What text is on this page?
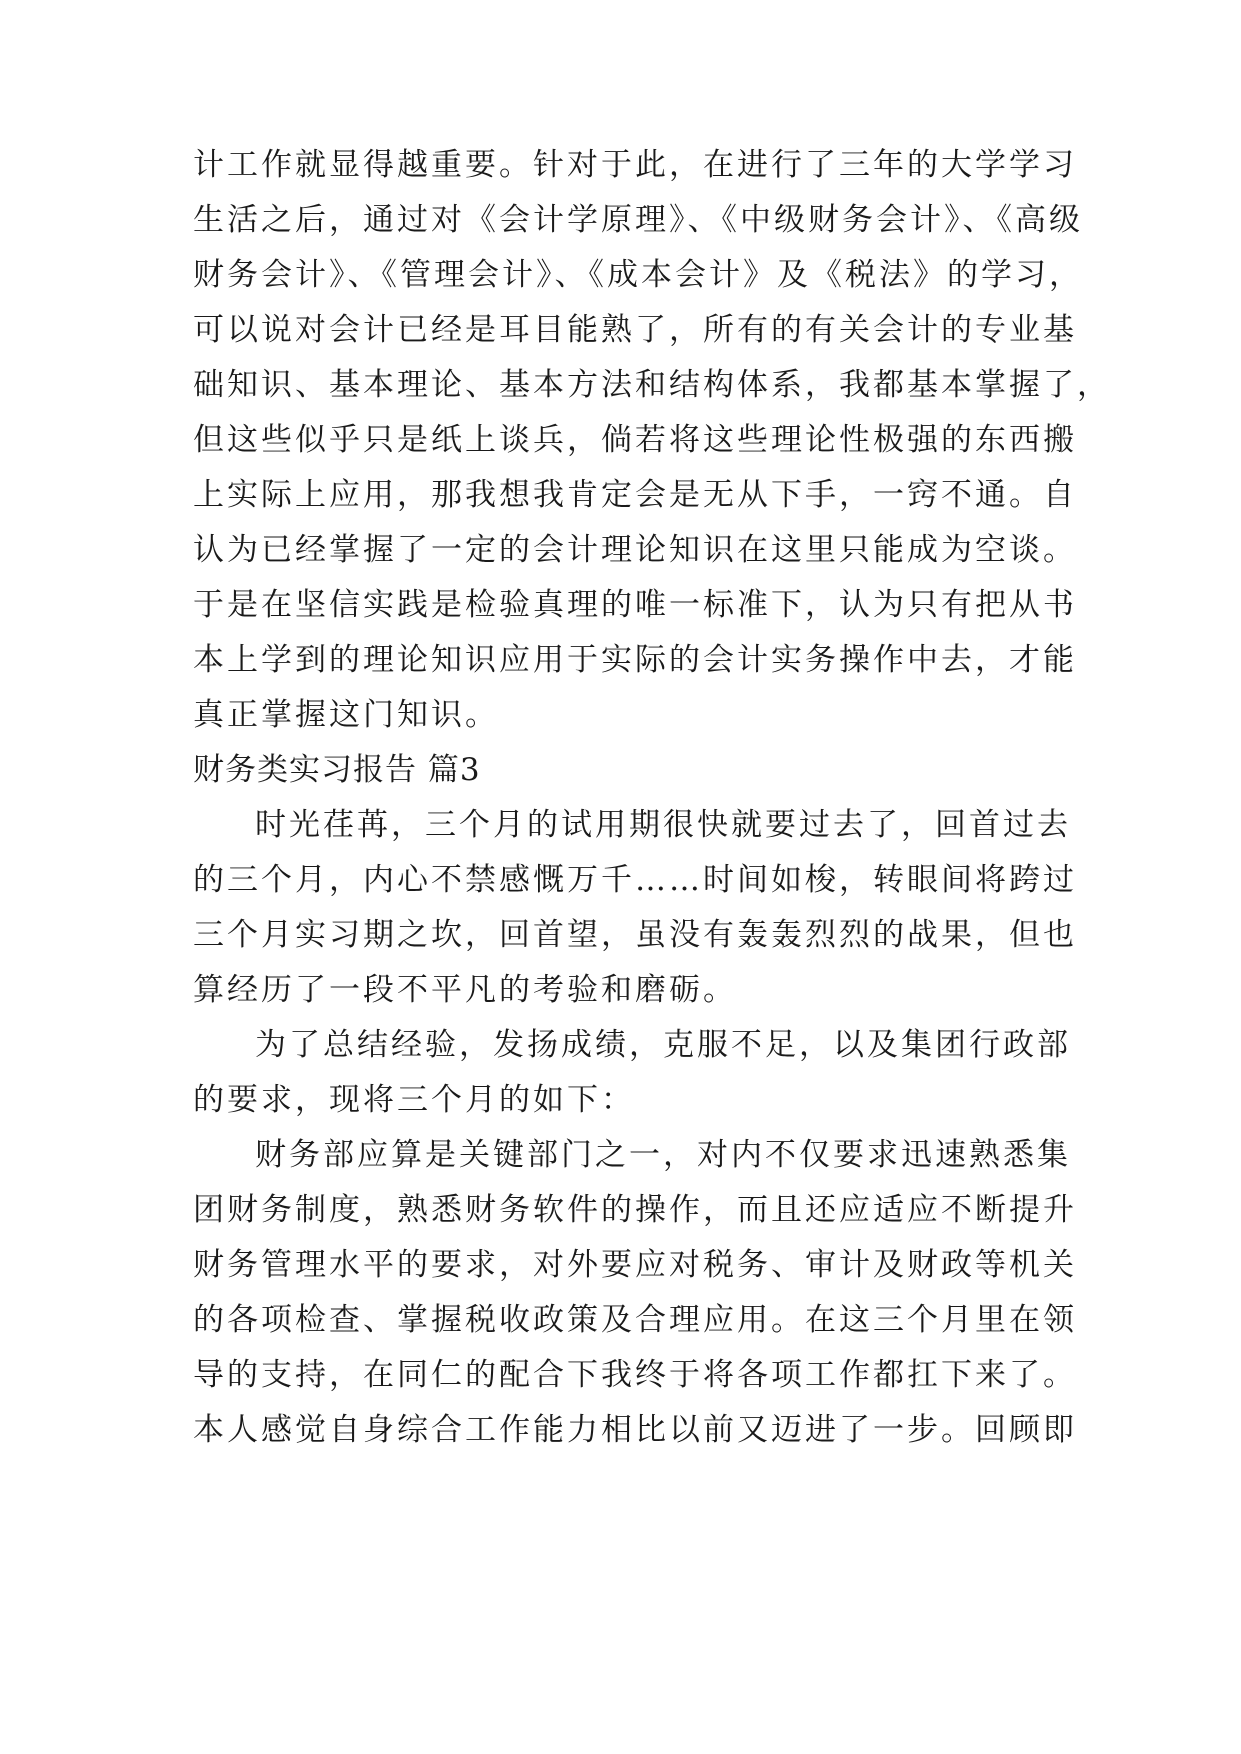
计工作就显得越重要。针对于此，在进行了三年的大学学习
生活之后，通过对《会计学原理》、《中级财务会计》、《高级
财务会计》、《管理会计》、《成本会计》及《税法》的学习，
可以说对会计已经是耳目能熟了，所有的有关会计的专业基
础知识、基本理论、基本方法和结构体系，我都基本掌握了，
但这些似乎只是纸上谈兵，倘若将这些理论性极强的东西搬
上实际上应用，那我想我肯定会是无从下手，一窍不通。自
认为已经掌握了一定的会计理论知识在这里只能成为空谈。
于是在坚信实践是检验真理的唯一标准下，认为只有把从书
本上学到的理论知识应用于实际的会计实务操作中去，才能
真正掌握这门知识。
财务类实习报告 篇3
时光荏苒，三个月的试用期很快就要过去了，回首过去
的三个月，内心不禁感慨万千……时间如梭，转眼间将跨过
三个月实习期之坎，回首望，虽没有轰轰烈烈的战果，但也
算经历了一段不平凡的考验和磨砺。
为了总结经验，发扬成绩，克服不足，以及集团行政部
的要求，现将三个月的如下：
财务部应算是关键部门之一，对内不仅要求迅速熟悉集
团财务制度，熟悉财务软件的操作，而且还应适应不断提升
财务管理水平的要求，对外要应对税务、审计及财政等机关
的各项检查、掌握税收政策及合理应用。在这三个月里在领
导的支持，在同仁的配合下我终于将各项工作都扛下来了。
本人感觉自身综合工作能力相比以前又迈进了一步。回顾即
